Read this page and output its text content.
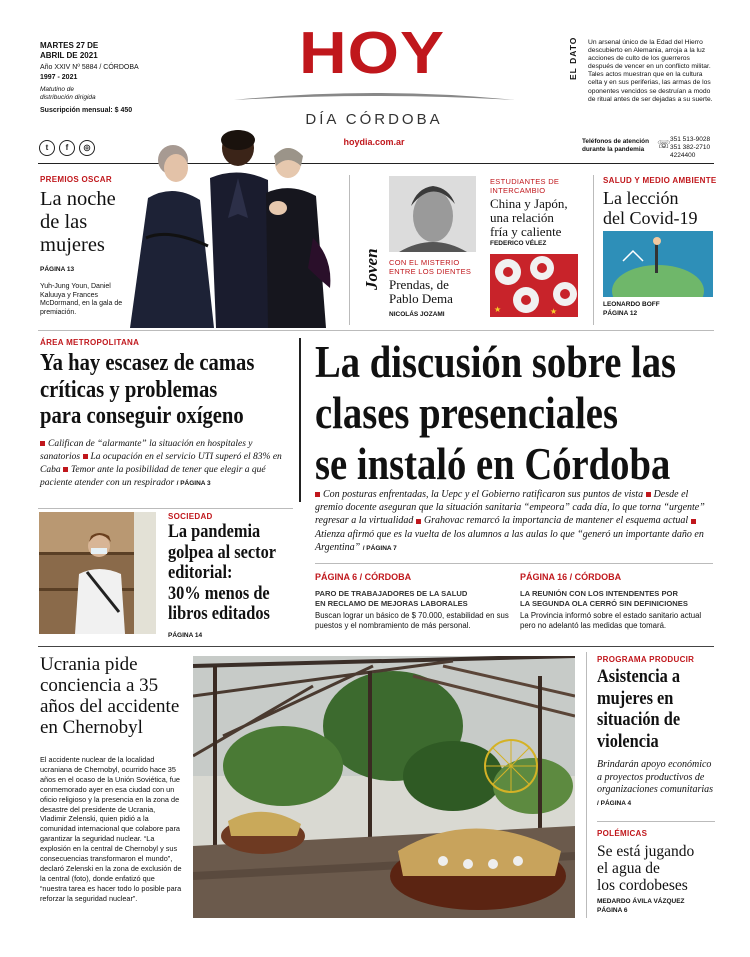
MARTES 27 DE
ABRIL DE 2021
Año XXIV Nº 5884 / CÓRDOBA
1997 - 2021
Matutino de
distribución dirigida
Suscripción mensual: $ 450
t	f	◎
HOY
DÍA CÓRDOBA
hoydia.com.ar
EL DATO Un arsenal único de la Edad del Hierro descubierto en Alemania, arroja a la luz acciones de culto de los guerreros después de vencer en un conflicto militar. Tales actos muestran que en la cultura celta y en sus periferias, las armas de los oponentes vencidos se destruían a modo de ritual antes de ser dejadas a su suerte.
Teléfonos de atención
durante la pandemia	☏ 351 513-9028
351 382-2710
4224400
PREMIOS OSCAR
La noche
de las
mujeres
PÁGINA 13
Yuh-Jung Youn, Daniel Kaluuya y Frances McDormand, en la gala de premiación.
Joven CON EL MISTERIO
ENTRE LOS DIENTES
Prendas, de
Pablo Dema
NICOLÁS JOZAMI
ESTUDIANTES DE
INTERCAMBIO
China y Japón,
una relación
fría y caliente
FEDERICO VÉLEZ
★
★
SALUD Y MEDIO AMBIENTE
La lección
del Covid-19
LEONARDO BOFF
PÁGINA 12
ÁREA METROPOLITANA
Ya hay escasez de camas
críticas y problemas
para conseguir oxígeno
Califican de “alarmante” la situación en hospitales y sanatorios La ocupación en el servicio UTI superó el 83% en Caba Temor ante la posibilidad de tener que elegir a qué paciente atender con un respirador / PÁGINA 3
La discusión sobre las
clases presenciales
se instaló en Córdoba
Con posturas enfrentadas, la Uepc y el Gobierno ratificaron sus puntos de vista Desde el gremio docente aseguran que la situación sanitaria “empeora” cada día, lo que torna “urgente” regresar a la virtualidad Grahovac remarcó la importancia de mantener el esquema actual Atienza afirmó que es la vuelta de los alumnos a las aulas lo que “generó un importante daño en Argentina” / PÁGINA 7
PÁGINA 6 / CÓRDOBA
PARO DE TRABAJADORES DE LA SALUD
EN RECLAMO DE MEJORAS LABORALES
Buscan lograr un básico de $ 70.000, estabilidad en sus puestos y el nombramiento de más personal.
PÁGINA 16 / CÓRDOBA
LA REUNIÓN CON LOS INTENDENTES POR
LA SEGUNDA OLA CERRÓ SIN DEFINICIONES
La Provincia informó sobre el estado sanitario actual pero no adelantó las medidas que tomará.
SOCIEDAD
La pandemia
golpea al sector
editorial:
30% menos de
libros editados
PÁGINA 14
Ucrania pide
conciencia a 35
años del accidente
en Chernobyl
El accidente nuclear de la localidad ucraniana de Chernobyl, ocurrido hace 35 años en el ocaso de la Unión Soviética, fue conmemorado ayer en esa ciudad con un oficio religioso y la presencia en la zona de desastre del presidente de Ucrania, Vladimir Zelenski, quien pidió a la comunidad internacional que colabore para garantizar la seguridad nuclear. “La explosión en la central de Chernobyl y sus consecuencias transformaron el mundo”, declaró Zelenski en la zona de exclusión de la central (foto), donde enfatizó que “nuestra tarea es hacer todo lo posible para reforzar la seguridad nuclear”.
PROGRAMA PRODUCIR
Asistencia a
mujeres en
situación de
violencia
Brindarán apoyo económico a proyectos productivos de organizaciones comunitarias / PÁGINA 4
POLÉMICAS
Se está jugando
el agua de
los cordobeses
MEDARDO ÁVILA VÁZQUEZ
PÁGINA 6
